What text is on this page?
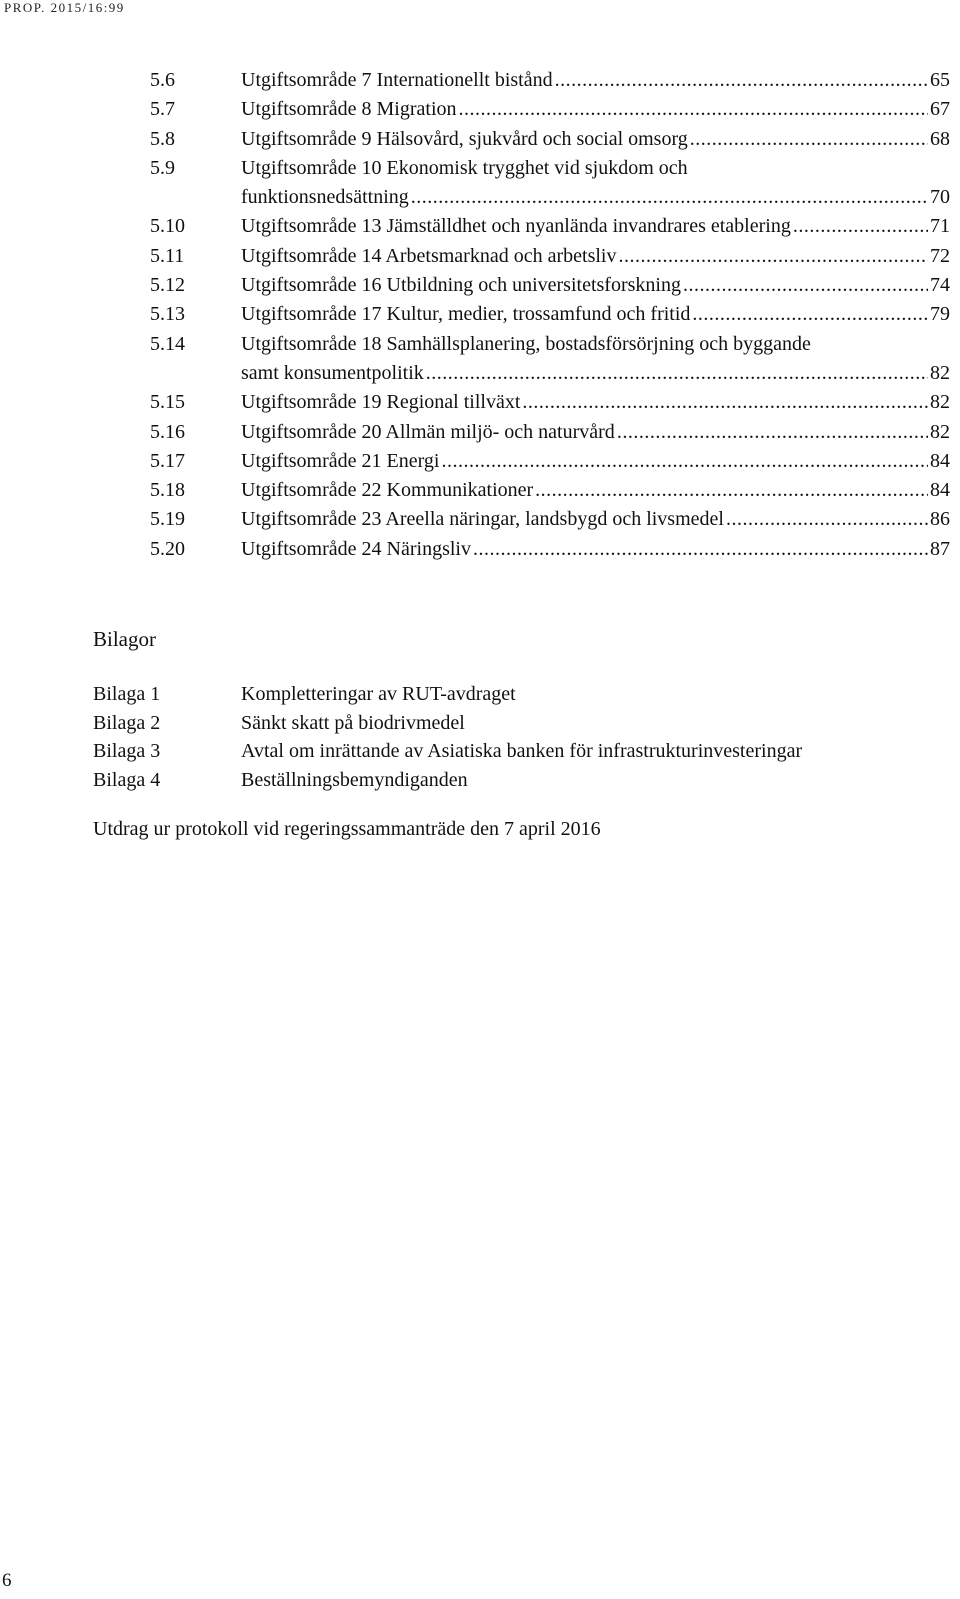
PROP. 2015/16:99
5.6	Utgiftsområde 7 Internationellt bistånd .....	65
5.7	Utgiftsområde 8 Migration .....	67
5.8	Utgiftsområde 9 Hälsovård, sjukvård och social omsorg .....	68
5.9	Utgiftsområde 10 Ekonomisk trygghet vid sjukdom och
funktionsnedsättning .....	70
5.10	Utgiftsområde 13 Jämställdhet och nyanlända invandrares etablering .....	71
5.11	Utgiftsområde 14 Arbetsmarknad och arbetsliv .....	72
5.12	Utgiftsområde 16 Utbildning och universitetsforskning .....	74
5.13	Utgiftsområde 17 Kultur, medier, trossamfund och fritid .....	79
5.14	Utgiftsområde 18 Samhällsplanering, bostadsförsörjning och byggande
samt konsumentpolitik .....	82
5.15	Utgiftsområde 19 Regional tillväxt .....	82
5.16	Utgiftsområde 20 Allmän miljö- och naturvård .....	82
5.17	Utgiftsområde 21 Energi .....	84
5.18	Utgiftsområde 22 Kommunikationer .....	84
5.19	Utgiftsområde 23 Areella näringar, landsbygd och livsmedel .....	86
5.20	Utgiftsområde 24 Näringsliv .....	87
Bilagor
Bilaga 1	Kompletteringar av RUT-avdraget
Bilaga 2	Sänkt skatt på biodrivmedel
Bilaga 3	Avtal om inrättande av Asiatiska banken för infrastrukturinvesteringar
Bilaga 4	Beställningsbemyndiganden
Utdrag ur protokoll vid regeringssammanträde den 7 april 2016
6
